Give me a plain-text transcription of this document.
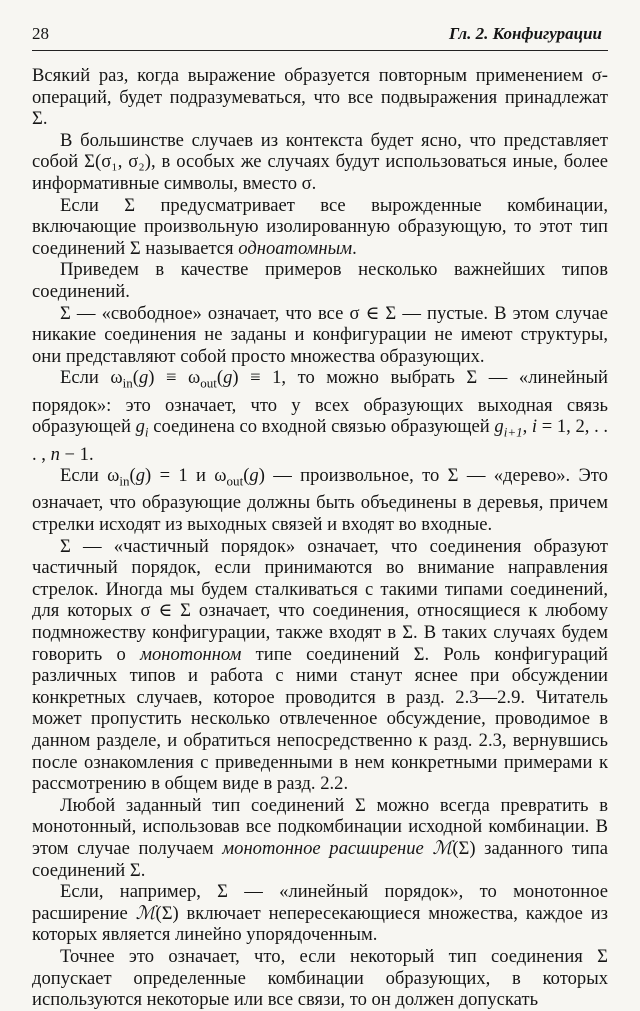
28	Гл. 2. Конфигурации

Всякий раз, когда выражение образуется повторным применением σ-операций, будет подразумеваться, что все подвыражения принадлежат Σ.

В большинстве случаев из контекста будет ясно, что представляет собой Σ(σ₁, σ₂), в особых же случаях будут использоваться иные, более информативные символы, вместо σ.

Если Σ предусматривает все вырожденные комбинации, включающие произвольную изолированную образующую, то этот тип соединений Σ называется одноатомным.

Приведем в качестве примеров несколько важнейших типов соединений.

Σ — «свободное» означает, что все σ ∈ Σ — пустые. В этом случае никакие соединения не заданы и конфигурации не имеют структуры, они представляют собой просто множества образующих.

Если $\omega_{in}(g) \equiv \omega_{out}(g) \equiv 1$, то можно выбрать Σ — «линейный порядок»: это означает, что у всех образующих выходная связь образующей $g_i$ соединена со входной связью образующей $g_{i+1}$, i = 1, 2, . . . , n − 1.

Если $\omega_{in}(g) = 1$ и $\omega_{out}(g)$ — произвольное, то Σ — «дерево». Это означает, что образующие должны быть объединены в деревья, причем стрелки исходят из выходных связей и входят во входные.

Σ — «частичный порядок» означает, что соединения образуют частичный порядок, если принимаются во внимание направления стрелок. Иногда мы будем сталкиваться с такими типами соединений, для которых σ ∈ Σ означает, что соединения, относящиеся к любому подмножеству конфигурации, также входят в Σ. В таких случаях будем говорить о монотонном типе соединений Σ. Роль конфигураций различных типов и работа с ними станут яснее при обсуждении конкретных случаев, которое проводится в разд. 2.3—2.9. Читатель может пропустить несколько отвлеченное обсуждение, проводимое в данном разделе, и обратиться непосредственно к разд. 2.3, вернувшись после ознакомления с приведенными в нем конкретными примерами к рассмотрению в общем виде в разд. 2.2.

Любой заданный тип соединений Σ можно всегда превратить в монотонный, использовав все подкомбинации исходной комбинации. В этом случае получаем монотонное расширение ℳ(Σ) заданного типа соединений Σ.

Если, например, Σ — «линейный порядок», то монотонное расширение ℳ(Σ) включает непересекающиеся множества, каждое из которых является линейно упорядоченным.

Точнее это означает, что, если некоторый тип соединения Σ допускает определенные комбинации образующих, в которых используются некоторые или все связи, то он должен допускать
